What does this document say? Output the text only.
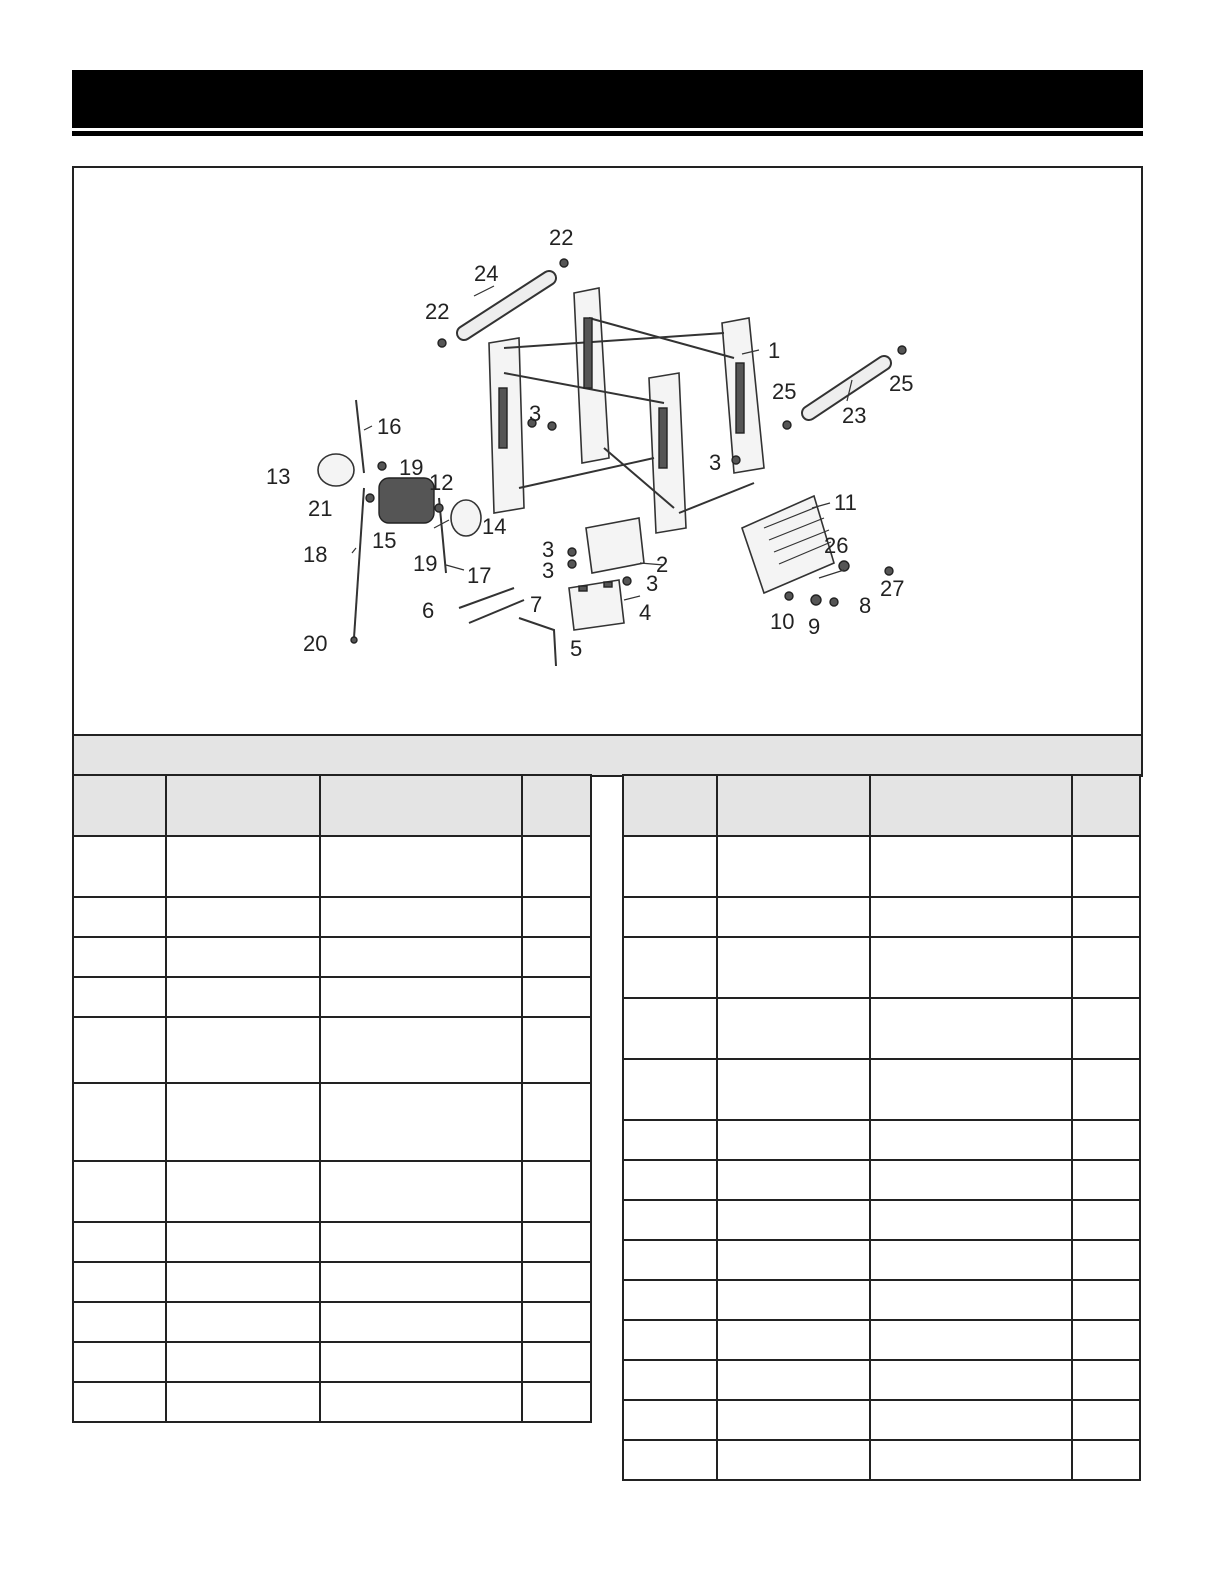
1
2
3
3
3
3
3
4
5
6	7	8
9
10
11
12
13
14
15
16
17
18
19
19
20
21
22
22
23
24
25	25
26
27
